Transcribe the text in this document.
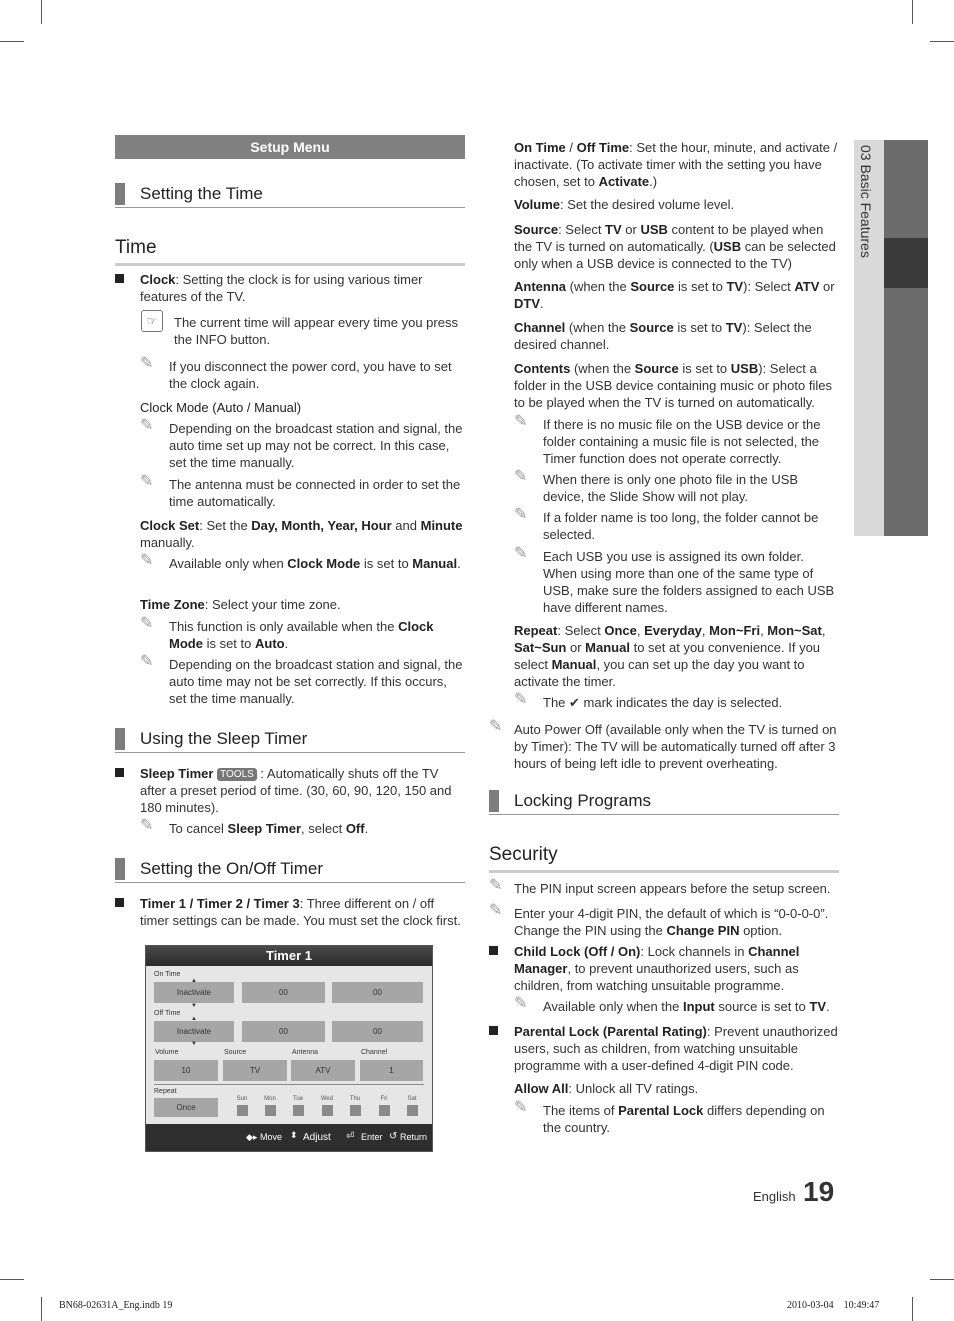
03 Basic Features
Setup Menu
Setting the Time
Time
Clock: Setting the clock is for using various timer features of the TV.
☞	The current time will appear every time you press the INFO button.
✎ If you disconnect the power cord, you have to set the clock again.
Clock Mode (Auto / Manual)
✎ Depending on the broadcast station and signal, the auto time set up may not be correct. In this case, set the time manually.
✎ The antenna must be connected in order to set the time automatically.
Clock Set: Set the Day, Month, Year, Hour and Minute manually.
✎ Available only when Clock Mode is set to Manual.
Time Zone: Select your time zone.
✎ This function is only available when the Clock Mode is set to Auto.
✎ Depending on the broadcast station and signal, the auto time may not be set correctly. If this occurs, set the time manually.
Using the Sleep Timer
Sleep Timer TOOLS : Automatically shuts off the TV after a preset period of time. (30, 60, 90, 120, 150 and 180 minutes).
✎ To cancel Sleep Timer, select Off.
Setting the On/Off Timer
Timer 1 / Timer 2 / Timer 3: Three different on / off timer settings can be made. You must set the clock first.
Timer 1
On Time
Inactivate
▲
▼
00	00
Off Time
Inactivate
▲
▼
00	00
Volume	Source	Antenna	Channel
10	TV	ATV	1
Repeat
Once
Sun	Mon	Tue	Wed	Thu	Fri	Sat
◆▸ Move ⬍ Adjust ⏎ Enter ↺ Return
On Time / Off Time: Set the hour, minute, and activate / inactivate. (To activate timer with the setting you have chosen, set to Activate.)
Volume: Set the desired volume level.
Source: Select TV or USB content to be played when the TV is turned on automatically. (USB can be selected only when a USB device is connected to the TV)
Antenna (when the Source is set to TV): Select ATV or DTV.
Channel (when the Source is set to TV): Select the desired channel.
Contents (when the Source is set to USB): Select a folder in the USB device containing music or photo files to be played when the TV is turned on automatically.
✎ If there is no music file on the USB device or the folder containing a music file is not selected, the Timer function does not operate correctly.
✎ When there is only one photo file in the USB device, the Slide Show will not play.
✎ If a folder name is too long, the folder cannot be selected.
✎ Each USB you use is assigned its own folder. When using more than one of the same type of USB, make sure the folders assigned to each USB have different names.
Repeat: Select Once, Everyday, Mon~Fri, Mon~Sat, Sat~Sun or Manual to set at you convenience. If you select Manual, you can set up the day you want to activate the timer.
✎ The ✔ mark indicates the day is selected.
✎ Auto Power Off (available only when the TV is turned on by Timer): The TV will be automatically turned off after 3 hours of being left idle to prevent overheating.
Locking Programs
Security
✎ The PIN input screen appears before the setup screen.
✎ Enter your 4-digit PIN, the default of which is “0-0-0-0”. Change the PIN using the Change PIN option.
Child Lock (Off / On): Lock channels in Channel Manager, to prevent unauthorized users, such as children, from watching unsuitable programme.
✎ Available only when the Input source is set to TV.
Parental Lock (Parental Rating): Prevent unauthorized users, such as children, from watching unsuitable programme with a user-defined 4-digit PIN code.
Allow All: Unlock all TV ratings.
✎ The items of Parental Lock differs depending on the country.
English 19
BN68-02631A_Eng.indb 19	2010-03-04    10:49:47
